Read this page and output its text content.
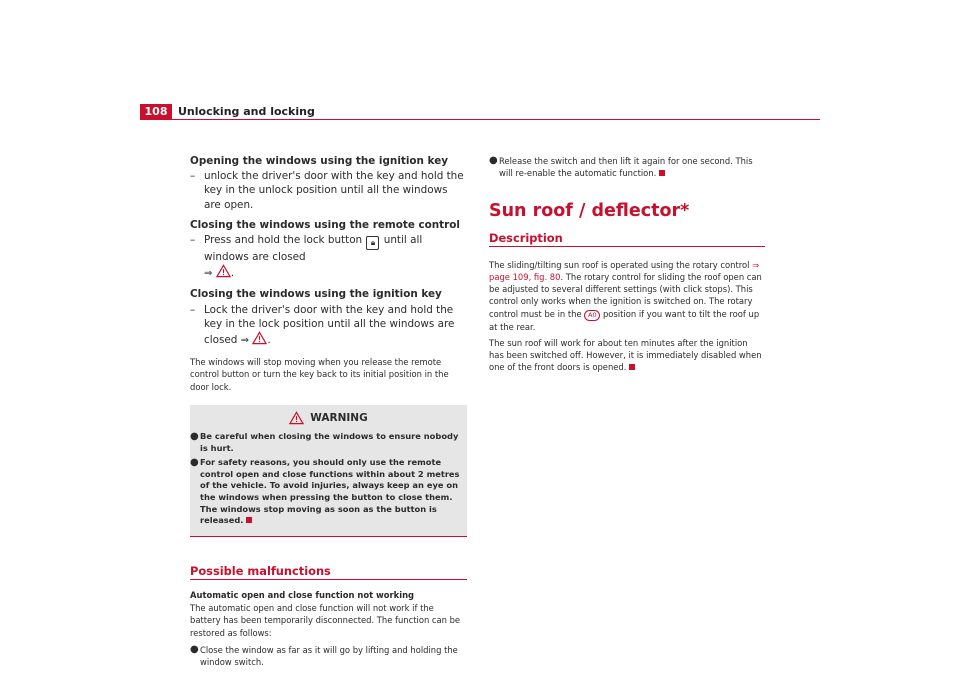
108 Unlocking and locking

Opening the windows using the ignition key

– unlock the driver's door with the key and hold the key in the unlock position until all the windows are open.

Closing the windows using the remote control

– Press and hold the lock button 🔒︎ until all windows are closed
⇒ .

Closing the windows using the ignition key

– Lock the driver's door with the key and hold the key in the lock position until all the windows are closed ⇒ .

The windows will stop moving when you release the remote control button or turn the key back to its initial position in the door lock.

WARNING
● Be careful when closing the windows to ensure nobody is hurt.
● For safety reasons, you should only use the remote control open and close functions within about 2 metres of the vehicle. To avoid injuries, always keep an eye on the windows when pressing the button to close them. The windows stop moving as soon as the button is released.
Possible malfunctions
Automatic open and close function not working

The automatic open and close function will not work if the battery has been temporarily disconnected. The function can be restored as follows:

● Close the window as far as it will go by lifting and holding the window switch.
● Release the switch and then lift it again for one second. This will re-enable the automatic function.
Sun roof / deflector*
Description

The sliding/tilting sun roof is operated using the rotary control ⇒ page 109, fig. 80. The rotary control for sliding the roof open can be adjusted to several different settings (with click stops). This control only works when the ignition is switched on. The rotary control must be in the A0 position if you want to tilt the roof up at the rear.

The sun roof will work for about ten minutes after the ignition has been switched off. However, it is immediately disabled when one of the front doors is opened.
